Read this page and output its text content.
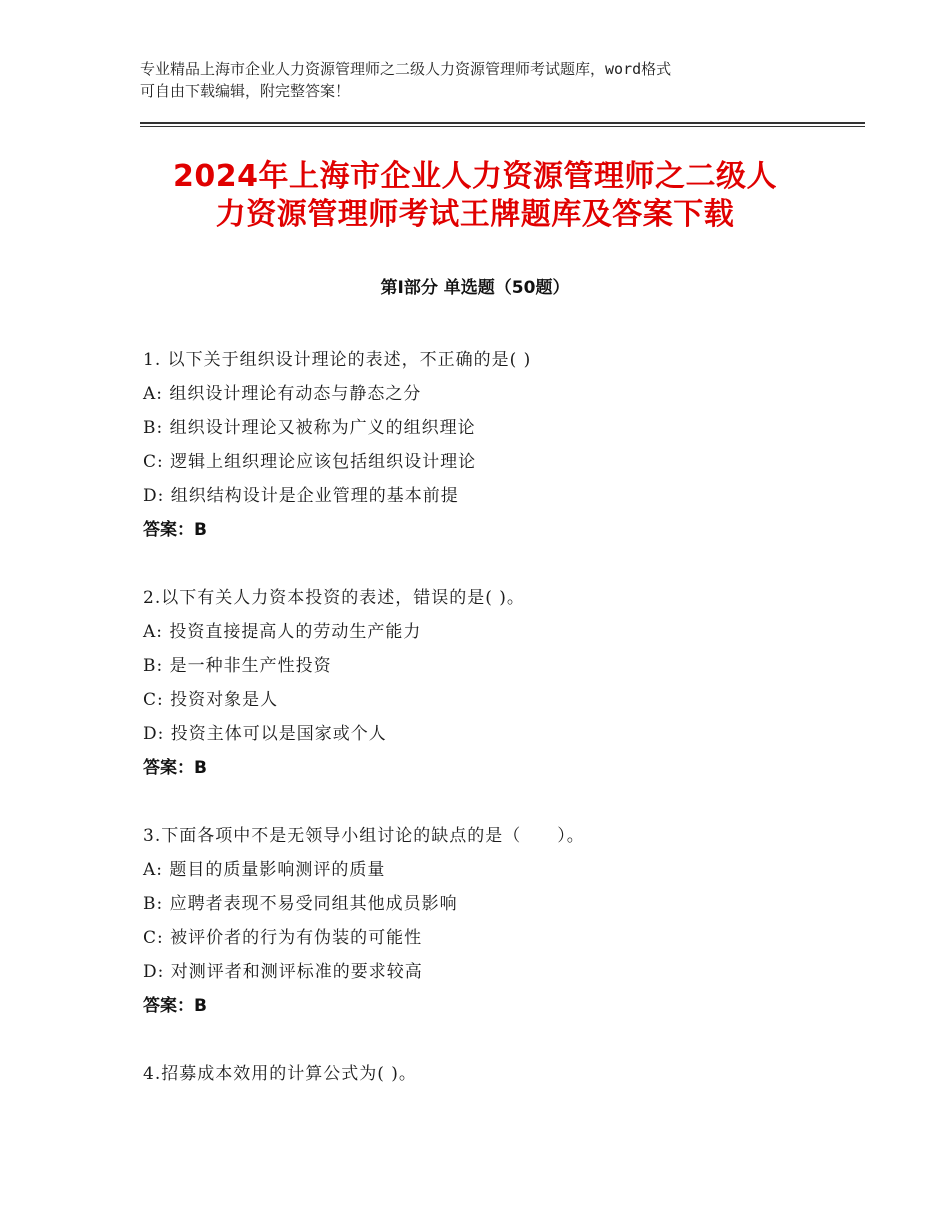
专业精品上海市企业人力资源管理师之二级人力资源管理师考试题库，word格式
可自由下载编辑，附完整答案！
2024年上海市企业人力资源管理师之二级人
力资源管理师考试王牌题库及答案下载
第Ⅰ部分 单选题（50题）
1. 以下关于组织设计理论的表述，不正确的是( )
A: 组织设计理论有动态与静态之分
B: 组织设计理论又被称为广义的组织理论
C: 逻辑上组织理论应该包括组织设计理论
D: 组织结构设计是企业管理的基本前提
答案：B
2.以下有关人力资本投资的表述，错误的是( )。
A: 投资直接提高人的劳动生产能力
B: 是一种非生产性投资
C: 投资对象是人
D: 投资主体可以是国家或个人
答案：B
3.下面各项中不是无领导小组讨论的缺点的是（　　）。
A: 题目的质量影响测评的质量
B: 应聘者表现不易受同组其他成员影响
C: 被评价者的行为有伪装的可能性
D: 对测评者和测评标准的要求较高
答案：B
4.招募成本效用的计算公式为( )。
